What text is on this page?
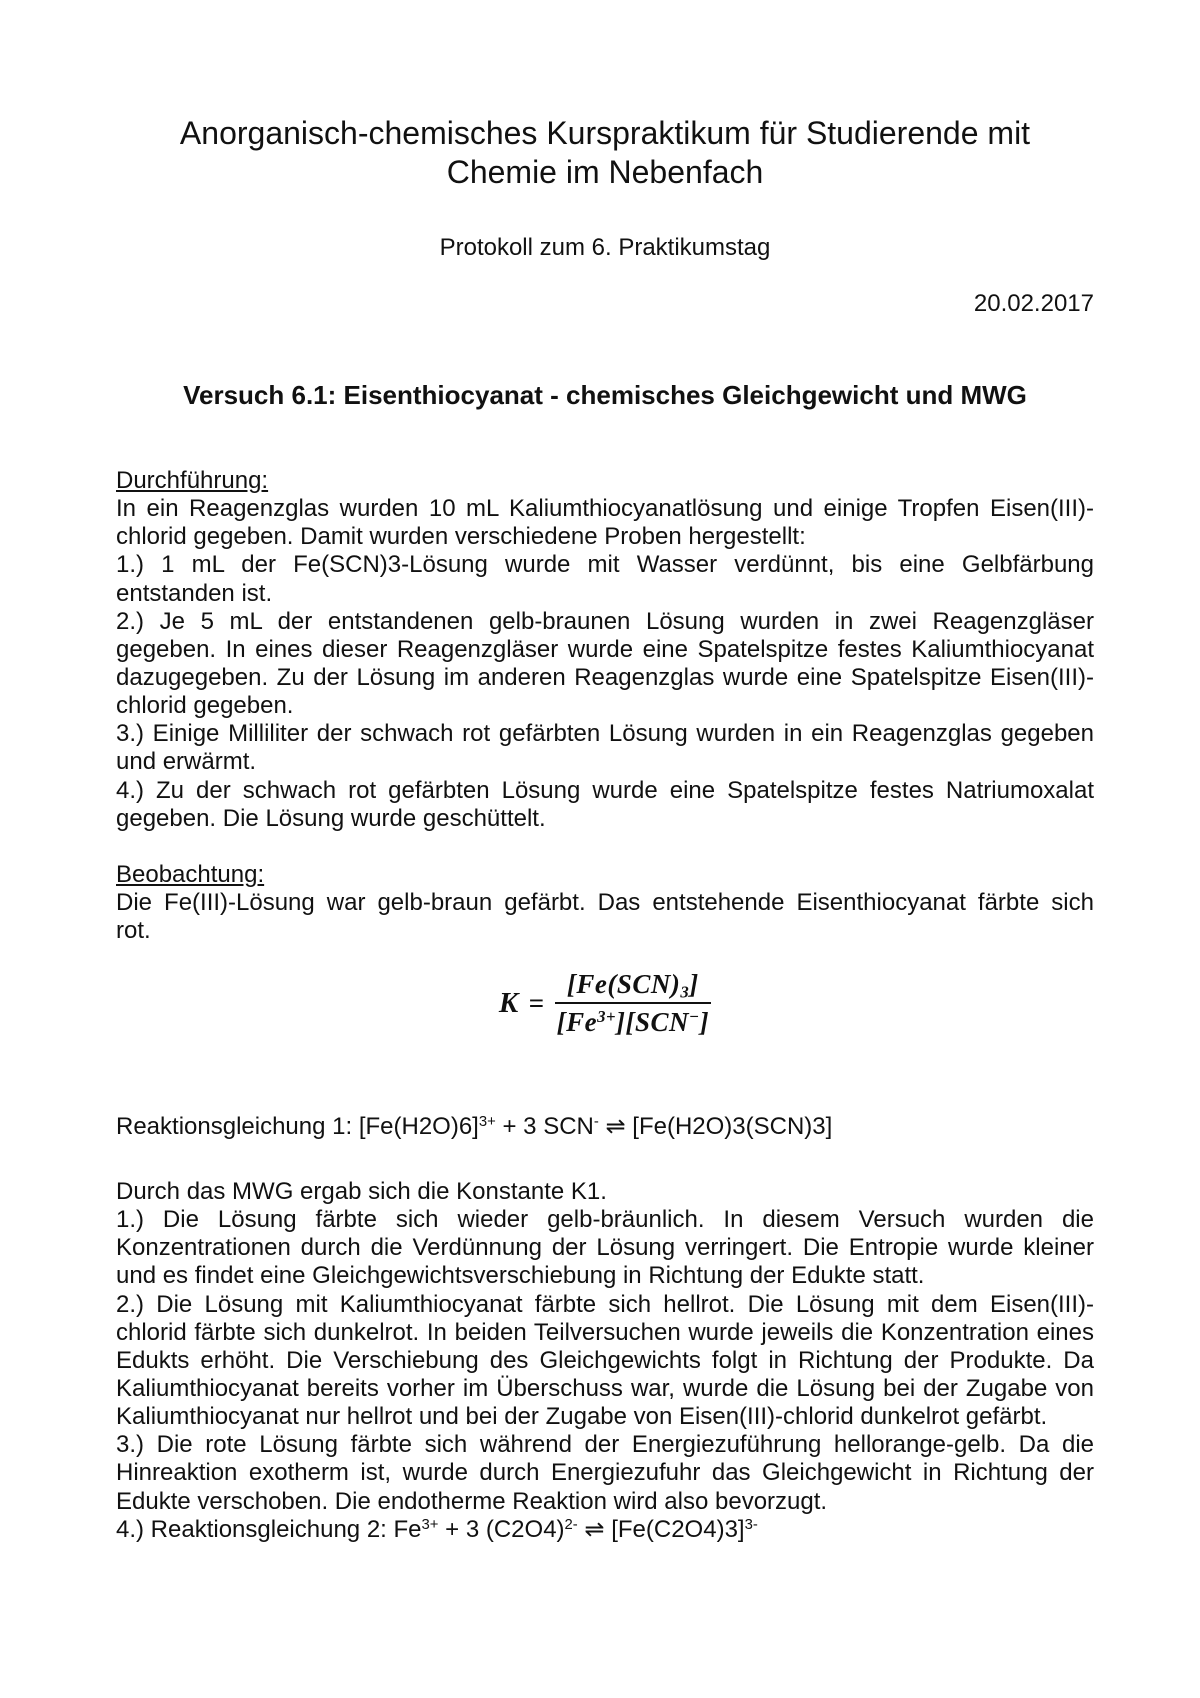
Anorganisch-chemisches Kurspraktikum für Studierende mit
Chemie im Nebenfach
Protokoll zum 6. Praktikumstag
20.02.2017
Versuch 6.1: Eisenthiocyanat - chemisches Gleichgewicht und MWG
Durchführung:
In ein Reagenzglas wurden 10 mL Kaliumthiocyanatlösung und einige Tropfen Eisen(III)-
chlorid gegeben. Damit wurden verschiedene Proben hergestellt:
1.) 1 mL der Fe(SCN)3-Lösung wurde mit Wasser verdünnt, bis eine Gelbfärbung
entstanden ist.
2.) Je 5 mL der entstandenen gelb-braunen Lösung wurden in zwei Reagenzgläser
gegeben. In eines dieser Reagenzgläser wurde eine Spatelspitze festes Kaliumthiocyanat
dazugegeben. Zu der Lösung im anderen Reagenzglas wurde eine Spatelspitze Eisen(III)-
chlorid gegeben.
3.) Einige Milliliter der schwach rot gefärbten Lösung wurden in ein Reagenzglas gegeben
und erwärmt.
4.) Zu der schwach rot gefärbten Lösung wurde eine Spatelspitze festes Natriumoxalat
gegeben. Die Lösung wurde geschüttelt.
Beobachtung:
Die Fe(III)-Lösung war gelb-braun gefärbt. Das entstehende Eisenthiocyanat färbte sich
rot.
$K = \frac{[Fe(SCN)_3]}{[Fe^{3+}][SCN^-]}$
Reaktionsgleichung 1: $[Fe(H2O)6]^{3+} + 3$ SCN- ⇌ [Fe(H2O)3(SCN)3]
Durch das MWG ergab sich die Konstante K1.
1.) Die Lösung färbte sich wieder gelb-bräunlich. In diesem Versuch wurden die
Konzentrationen durch die Verdünnung der Lösung verringert. Die Entropie wurde kleiner
und es findet eine Gleichgewichtsverschiebung in Richtung der Edukte statt.
2.) Die Lösung mit Kaliumthiocyanat färbte sich hellrot. Die Lösung mit dem Eisen(III)-
chlorid färbte sich dunkelrot. In beiden Teilversuchen wurde jeweils die Konzentration eines
Edukts erhöht. Die Verschiebung des Gleichgewichts folgt in Richtung der Produkte. Da
Kaliumthiocyanat bereits vorher im Überschuss war, wurde die Lösung bei der Zugabe von
Kaliumthiocyanat nur hellrot und bei der Zugabe von Eisen(III)-chlorid dunkelrot gefärbt.
3.) Die rote Lösung färbte sich während der Energiezuführung hellorange-gelb. Da die
Hinreaktion exotherm ist, wurde durch Energiezufuhr das Gleichgewicht in Richtung der
Edukte verschoben. Die endotherme Reaktion wird also bevorzugt.
4.) Reaktionsgleichung 2: $Fe^{3+} + 3$ $(C2O4)^{2-}$ ⇌ $[Fe(C2O4)3]^{3-}$
